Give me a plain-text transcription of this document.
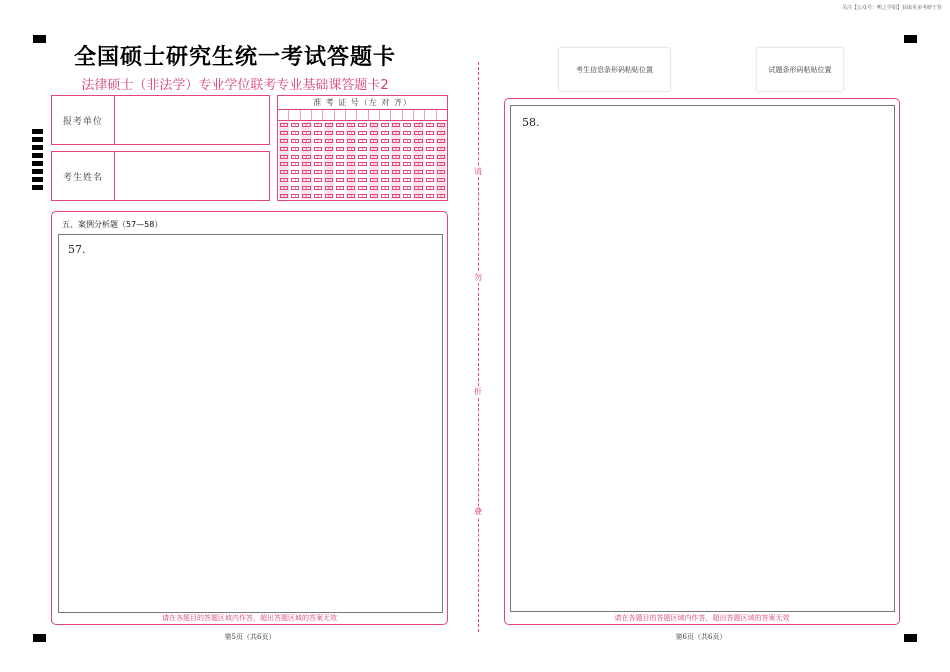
关注【公众号：鸭之学姐】获取更多考研干货
全国硕士研究生统一考试答题卡
法律硕士（非法学）专业学位联考专业基础课答题卡2
报考单位
考生姓名
准 考 证 号（左 对 齐）
0
1
2
3
4
5
6
7
8
9
0
1
2
3
4
5
6
7
8
9
0
1
2
3
4
5
6
7
8
9
0
1
2
3
4
5
6
7
8
9
0
1
2
3
4
5
6
7
8
9
0
1
2
3
4
5
6
7
8
9
0
1
2
3
4
5
6
7
8
9
0
1
2
3
4
5
6
7
8
9
0
1
2
3
4
5
6
7
8
9
0
1
2
3
4
5
6
7
8
9
0
1
2
3
4
5
6
7
8
9
0
1
2
3
4
5
6
7
8
9
0
1
2
3
4
5
6
7
8
9
0
1
2
3
4
5
6
7
8
9
0
1
2
3
4
5
6
7
8
9
五、案例分析题（57—58）
57.
请在各题目的答题区域内作答，超出答题区域的答案无效
第5页（共6页）
请
勿
折
叠
考生信息条形码粘贴位置	试题条形码粘贴位置
58.
请在各题目的答题区域内作答，超出答题区域的答案无效
第6页（共6页）
